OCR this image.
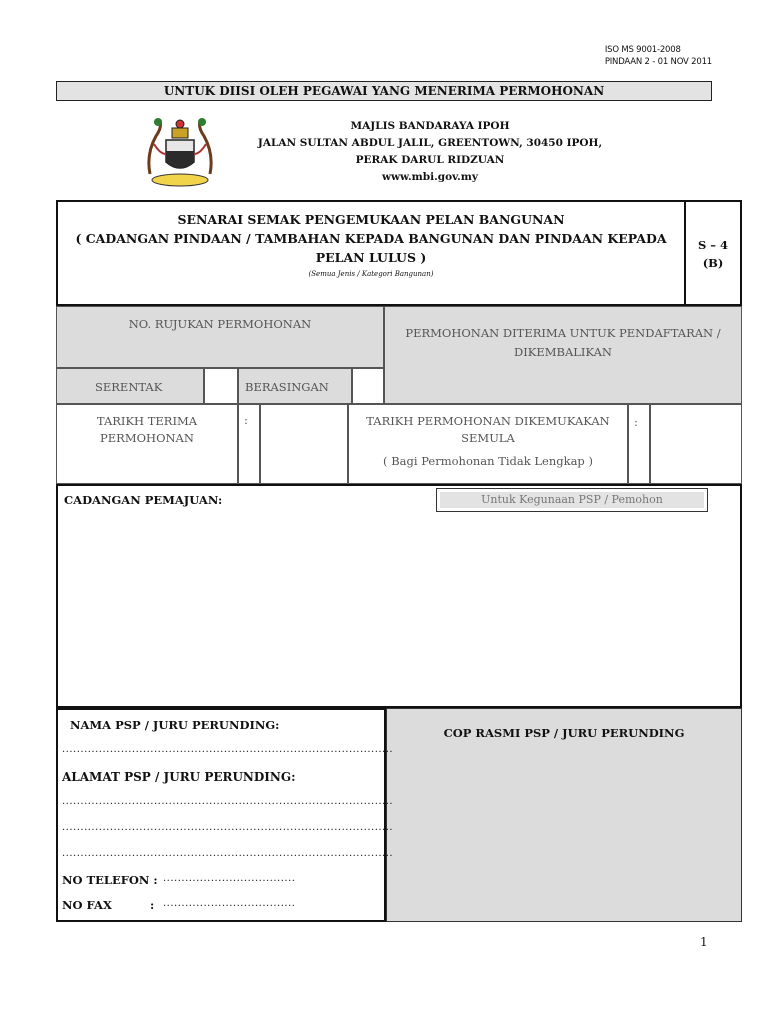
ISO MS 9001-2008
PINDAAN 2 - 01 NOV 2011
UNTUK DIISI OLEH PEGAWAI YANG MENERIMA PERMOHONAN
MAJLIS BANDARAYA IPOH
JALAN SULTAN ABDUL JALIL, GREENTOWN, 30450 IPOH,
PERAK DARUL RIDZUAN
www.mbi.gov.my
SENARAI SEMAK PENGEMUKAAN PELAN BANGUNAN
( CADANGAN PINDAAN / TAMBAHAN KEPADA BANGUNAN DAN PINDAAN KEPADA PELAN LULUS )
(Semua Jenis / Kategori Bangunan)
S – 4
(B)
NO. RUJUKAN PERMOHONAN
PERMOHONAN DITERIMA UNTUK PENDAFTARAN / DIKEMBALIKAN
SERENTAK	BERASINGAN
TARIKH TERIMA PERMOHONAN
:	TARIKH PERMOHONAN DIKEMUKAKAN SEMULA
( Bagi Permohonan Tidak Lengkap )
:
CADANGAN PEMAJUAN:	Untuk Kegunaan PSP / Pemohon
COP RASMI PSP / JURU PERUNDING
NAMA PSP / JURU PERUNDING:
..........................................................................................
ALAMAT PSP / JURU PERUNDING:
..........................................................................................
..........................................................................................
..........................................................................................
NO TELEFON : ....................................
NO FAX	: ....................................
1
